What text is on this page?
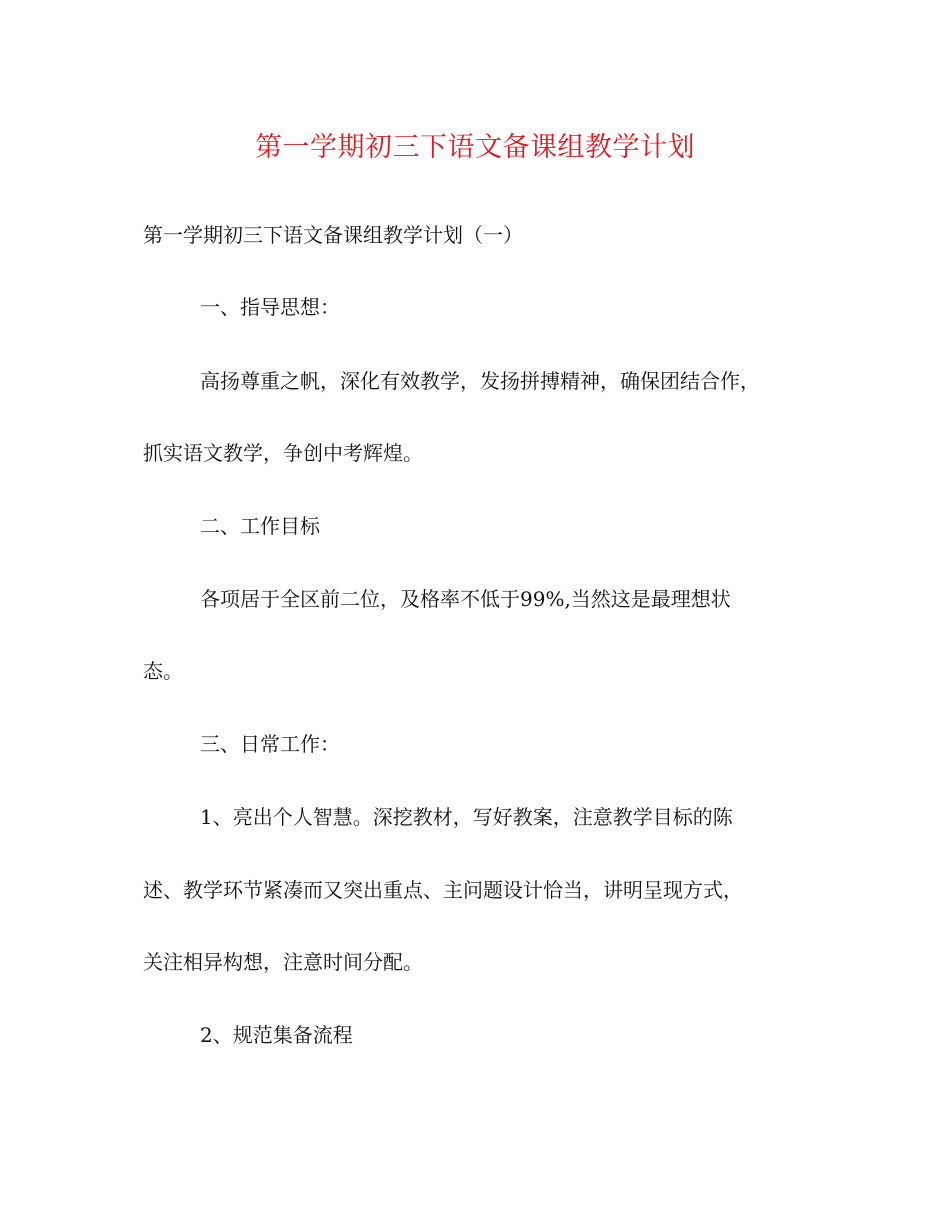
第一学期初三下语文备课组教学计划

第一学期初三下语文备课组教学计划（一）

一、指导思想：

高扬尊重之帆，深化有效教学，发扬拼搏精神，确保团结合作，

抓实语文教学，争创中考辉煌。

二、工作目标

各项居于全区前二位，及格率不低于99%,当然这是最理想状

态。

三、日常工作：

1、亮出个人智慧。深挖教材，写好教案，注意教学目标的陈

述、教学环节紧凑而又突出重点、主问题设计恰当，讲明呈现方式，

关注相异构想，注意时间分配。

2、规范集备流程
